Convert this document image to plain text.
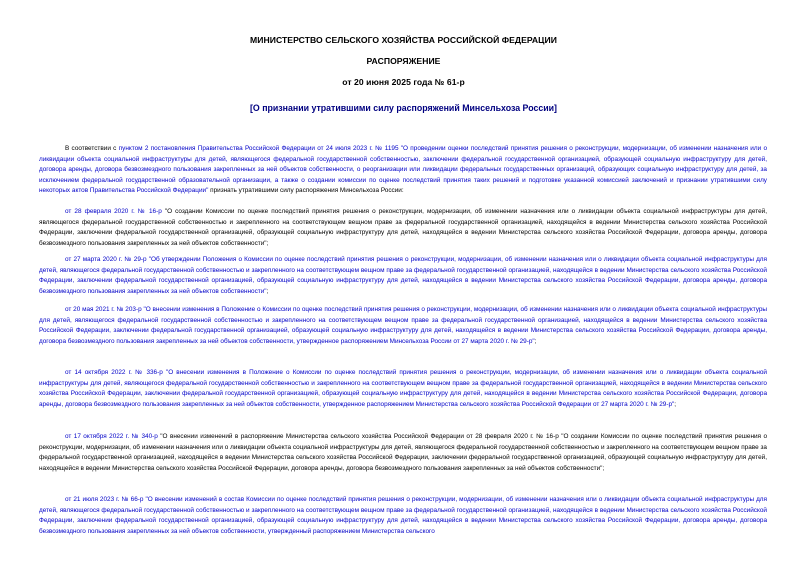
МИНИСТЕРСТВО СЕЛЬСКОГО ХОЗЯЙСТВА РОССИЙСКОЙ ФЕДЕРАЦИИ
РАСПОРЯЖЕНИЕ
от 20 июня 2025 года № 61-р
[О признании утратившими силу распоряжений Минсельхоза России]

В соответствии с пунктом 2 постановления Правительства Российской Федерации от 24 июля 2023 г. № 1195 "О проведении оценки последствий принятия решения о реконструкции, модернизации, об изменении назначения или о ликвидации объекта социальной инфраструктуры для детей, являющегося федеральной государственной собственностью, заключении федеральной государственной организацией, образующей социальную инфраструктуру для детей, договора аренды, договора безвозмездного пользования закрепленных за ней объектов собственности, о реорганизации или ликвидации федеральных государственных организаций, образующих социальную инфраструктуру для детей, за исключением федеральной государственной образовательной организации, а также о создании комиссии по оценке последствий принятия таких решений и подготовке указанной комиссией заключений и признании утратившими силу некоторых актов Правительства Российской Федерации" признать утратившими силу распоряжения Минсельхоза России:

от 28 февраля 2020 г. № 16-р "О создании Комиссии по оценке последствий принятия решения о реконструкции, модернизации, об изменении назначения или о ликвидации объекта социальной инфраструктуры для детей, являющегося федеральной государственной собственностью и закрепленного на соответствующем вещном праве за федеральной государственной организацией, находящейся в ведении Министерства сельского хозяйства Российской Федерации, заключении федеральной государственной организацией, образующей социальную инфраструктуру для детей, находящейся в ведении Министерства сельского хозяйства Российской Федерации, договора аренды, договора безвозмездного пользования закрепленных за ней объектов собственности";

от 27 марта 2020 г. № 29-р "Об утверждении Положения о Комиссии по оценке последствий принятия решения о реконструкции, модернизации, об изменении назначения или о ликвидации объекта социальной инфраструктуры для детей, являющегося федеральной государственной собственностью и закрепленного на соответствующем вещном праве за федеральной государственной организацией, находящейся в ведении Министерства сельского хозяйства Российской Федерации, заключении федеральной государственной организацией, образующей социальную инфраструктуру для детей, находящейся в ведении Министерства сельского хозяйства Российской Федерации, договора аренды, договора безвозмездного пользования закрепленных за ней объектов собственности";

от 20 мая 2021 г. № 203-р "О внесении изменения в Положение о Комиссии по оценке последствий принятия решения о реконструкции, модернизации, об изменении назначения или о ликвидации объекта социальной инфраструктуры для детей, являющегося федеральной государственной собственностью и закрепленного на соответствующем вещном праве за федеральной государственной организацией, находящейся в ведении Министерства сельского хозяйства Российской Федерации, заключении федеральной государственной организацией, образующей социальную инфраструктуру для детей, находящейся в ведении Министерства сельского хозяйства Российской Федерации, договора аренды, договора безвозмездного пользования закрепленных за ней объектов собственности, утвержденное распоряжением Минсельхоза России от 27 марта 2020 г. № 29-р";

от 14 октября 2022 г. № 336-р "О внесении изменения в Положение о Комиссии по оценке последствий принятия решения о реконструкции, модернизации, об изменении назначения или о ликвидации объекта социальной инфраструктуры для детей, являющегося федеральной государственной собственностью и закрепленного на соответствующем вещном праве за федеральной государственной организацией, находящейся в ведении Министерства сельского хозяйства Российской Федерации, заключении федеральной государственной организацией, образующей социальную инфраструктуру для детей, находящейся в ведении Министерства сельского хозяйства Российской Федерации, договора аренды, договора безвозмездного пользования закрепленных за ней объектов собственности, утвержденное распоряжением Министерства сельского хозяйства Российской Федерации от 27 марта 2020 г. № 29-р";

от 17 октября 2022 г. № 340-р "О внесении изменений в распоряжение Министерства сельского хозяйства Российской Федерации от 28 февраля 2020 г. № 16-р "О создании Комиссии по оценке последствий принятия решения о реконструкции, модернизации, об изменении назначения или о ликвидации объекта социальной инфраструктуры для детей, являющегося федеральной государственной собственностью и закрепленного на соответствующем вещном праве за федеральной государственной организацией, находящейся в ведении Министерства сельского хозяйства Российской Федерации, заключении федеральной государственной организацией, образующей социальную инфраструктуру для детей, находящейся в ведении Министерства сельского хозяйства Российской Федерации, договора аренды, договора безвозмездного пользования закрепленных за ней объектов собственности";

от 21 июля 2023 г. № 66-р "О внесении изменений в состав Комиссии по оценке последствий принятия решения о реконструкции, модернизации, об изменении назначения или о ликвидации объекта социальной инфраструктуры для детей, являющегося федеральной государственной собственностью и закрепленного на соответствующем вещном праве за федеральной государственной организацией, находящейся в ведении Министерства сельского хозяйства Российской Федерации, заключении федеральной государственной организацией, образующей социальную инфраструктуру для детей, находящейся в ведении Министерства сельского хозяйства Российской Федерации, договора аренды, договора безвозмездного пользования закрепленных за ней объектов собственности, утвержденный распоряжением Министерства сельского
